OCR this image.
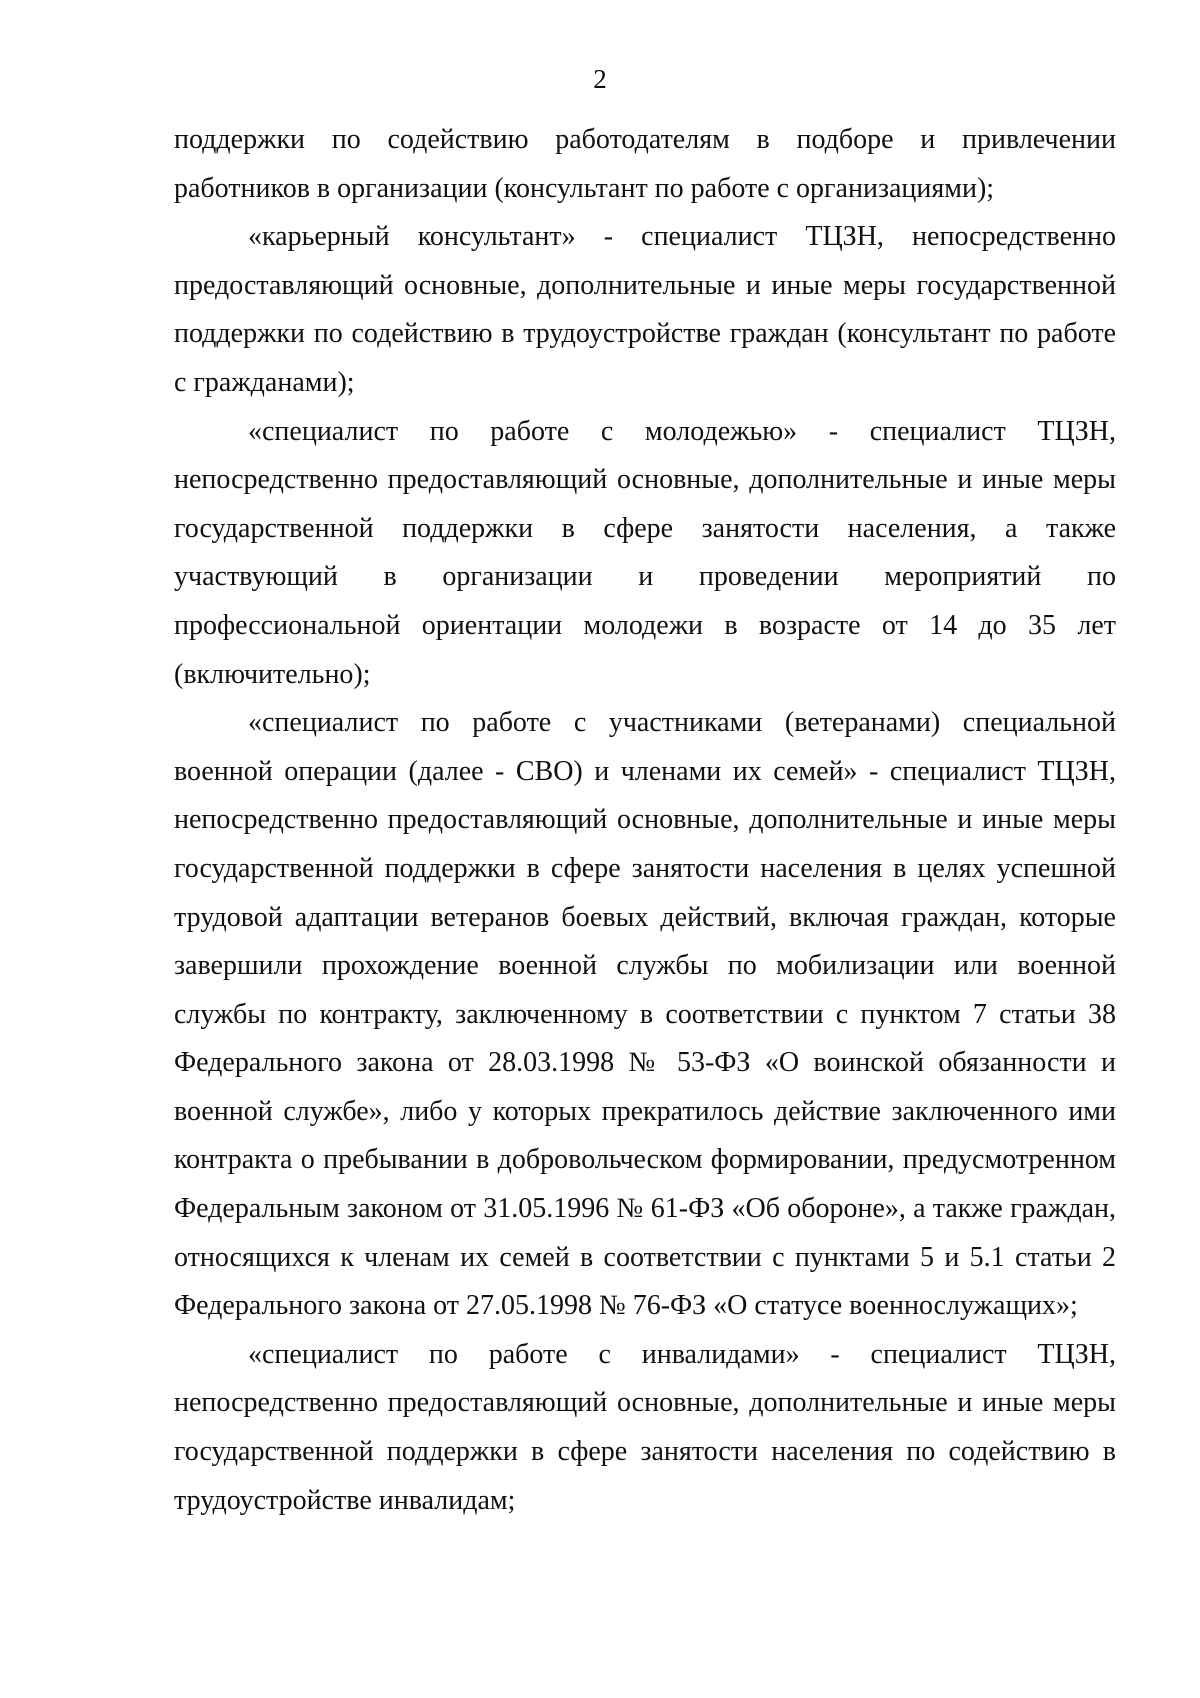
2

поддержки по содействию работодателям в подборе и привлечении работников в организации (консультант по работе с организациями);

«карьерный консультант» - специалист ТЦЗН, непосредственно предоставляющий основные, дополнительные и иные меры государственной поддержки по содействию в трудоустройстве граждан (консультант по работе с гражданами);

«специалист по работе с молодежью» - специалист ТЦЗН, непосредственно предоставляющий основные, дополнительные и иные меры государственной поддержки в сфере занятости населения, а также участвующий в организации и проведении мероприятий по профессиональной ориентации молодежи в возрасте от 14 до 35 лет (включительно);

«специалист по работе с участниками (ветеранами) специальной военной операции (далее - СВО) и членами их семей» - специалист ТЦЗН, непосредственно предоставляющий основные, дополнительные и иные меры государственной поддержки в сфере занятости населения в целях успешной трудовой адаптации ветеранов боевых действий, включая граждан, которые завершили прохождение военной службы по мобилизации или военной службы по контракту, заключенному в соответствии с пунктом 7 статьи 38 Федерального закона от 28.03.1998 № 53-ФЗ «О воинской обязанности и военной службе», либо у которых прекратилось действие заключенного ими контракта о пребывании в добровольческом формировании, предусмотренном Федеральным законом от 31.05.1996 № 61-ФЗ «Об обороне», а также граждан, относящихся к членам их семей в соответствии с пунктами 5 и 5.1 статьи 2 Федерального закона от 27.05.1998 № 76-ФЗ «О статусе военнослужащих»;

«специалист по работе с инвалидами» - специалист ТЦЗН, непосредственно предоставляющий основные, дополнительные и иные меры государственной поддержки в сфере занятости населения по содействию в трудоустройстве инвалидам;
